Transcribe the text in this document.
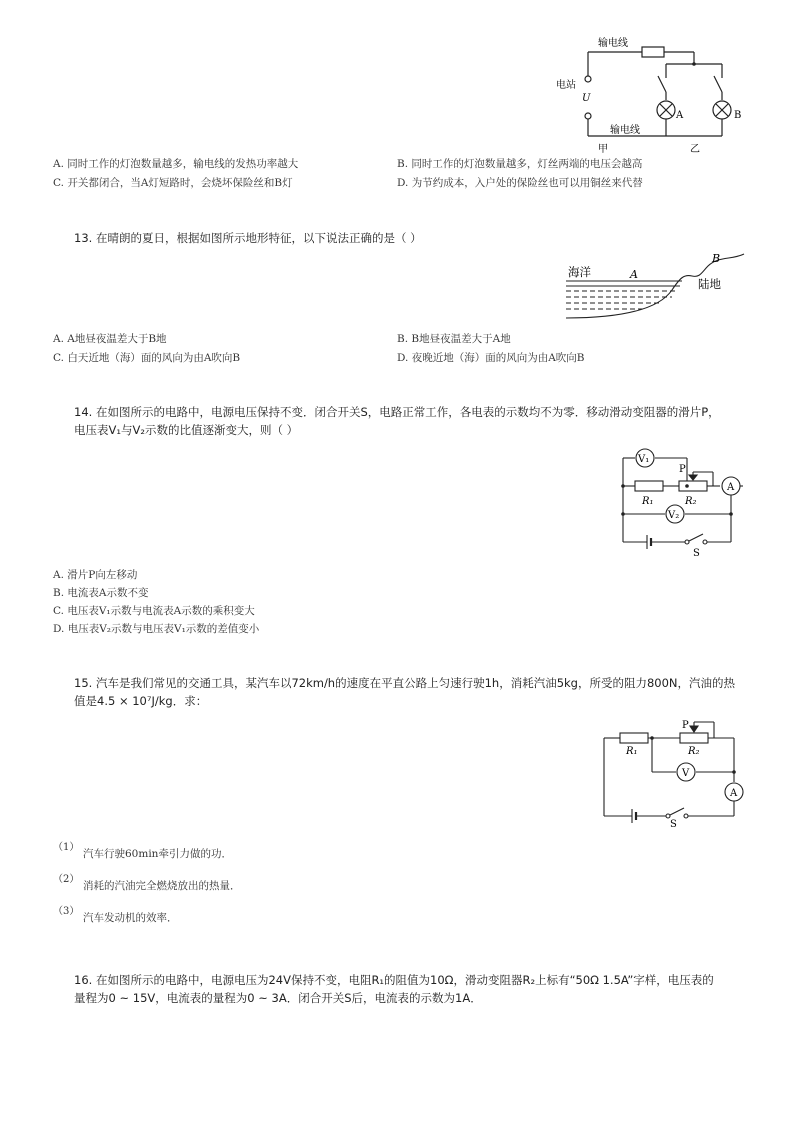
输电线
电站
U
输电线
A	B
甲	乙
A. 同时工作的灯泡数量越多，输电线的发热功率越大	B. 同时工作的灯泡数量越多，灯丝两端的电压会越高
C. 开关都闭合，当A灯短路时，会烧坏保险丝和B灯	D. 为节约成本，入户处的保险丝也可以用铜丝来代替
13. 在晴朗的夏日，根据如图所示地形特征，以下说法正确的是（ ）
海洋	A
B
陆地
A. A地昼夜温差大于B地	B. B地昼夜温差大于A地
C. 白天近地（海）面的风向为由A吹向B	D. 夜晚近地（海）面的风向为由A吹向B
14. 在如图所示的电路中，电源电压保持不变．闭合开关S，电路正常工作，各电表的示数均不为零．移动滑动变阻器的滑片P，
电压表V₁与V₂示数的比值逐渐变大，则（ ）
V₁
P
A
R₁	R₂
V₂
S
A. 滑片P向左移动
B. 电流表A示数不变
C. 电压表V₁示数与电流表A示数的乘积变大
D. 电压表V₂示数与电压表V₁示数的差值变小
15. 汽车是我们常见的交通工具，某汽车以72km/h的速度在平直公路上匀速行驶1h，消耗汽油5kg，所受的阻力800N，汽油的热
值是4.5 × 10⁷J/kg．求：
P
R₁	R₂
V
A
S
（1）
汽车行驶60min牵引力做的功．
（2）
消耗的汽油完全燃烧放出的热量．
（3）
汽车发动机的效率．
16. 在如图所示的电路中，电源电压为24V保持不变，电阻R₁的阻值为10Ω，滑动变阻器R₂上标有“50Ω 1.5A”字样，电压表的
量程为0 ~ 15V，电流表的量程为0 ~ 3A．闭合开关S后，电流表的示数为1A．
